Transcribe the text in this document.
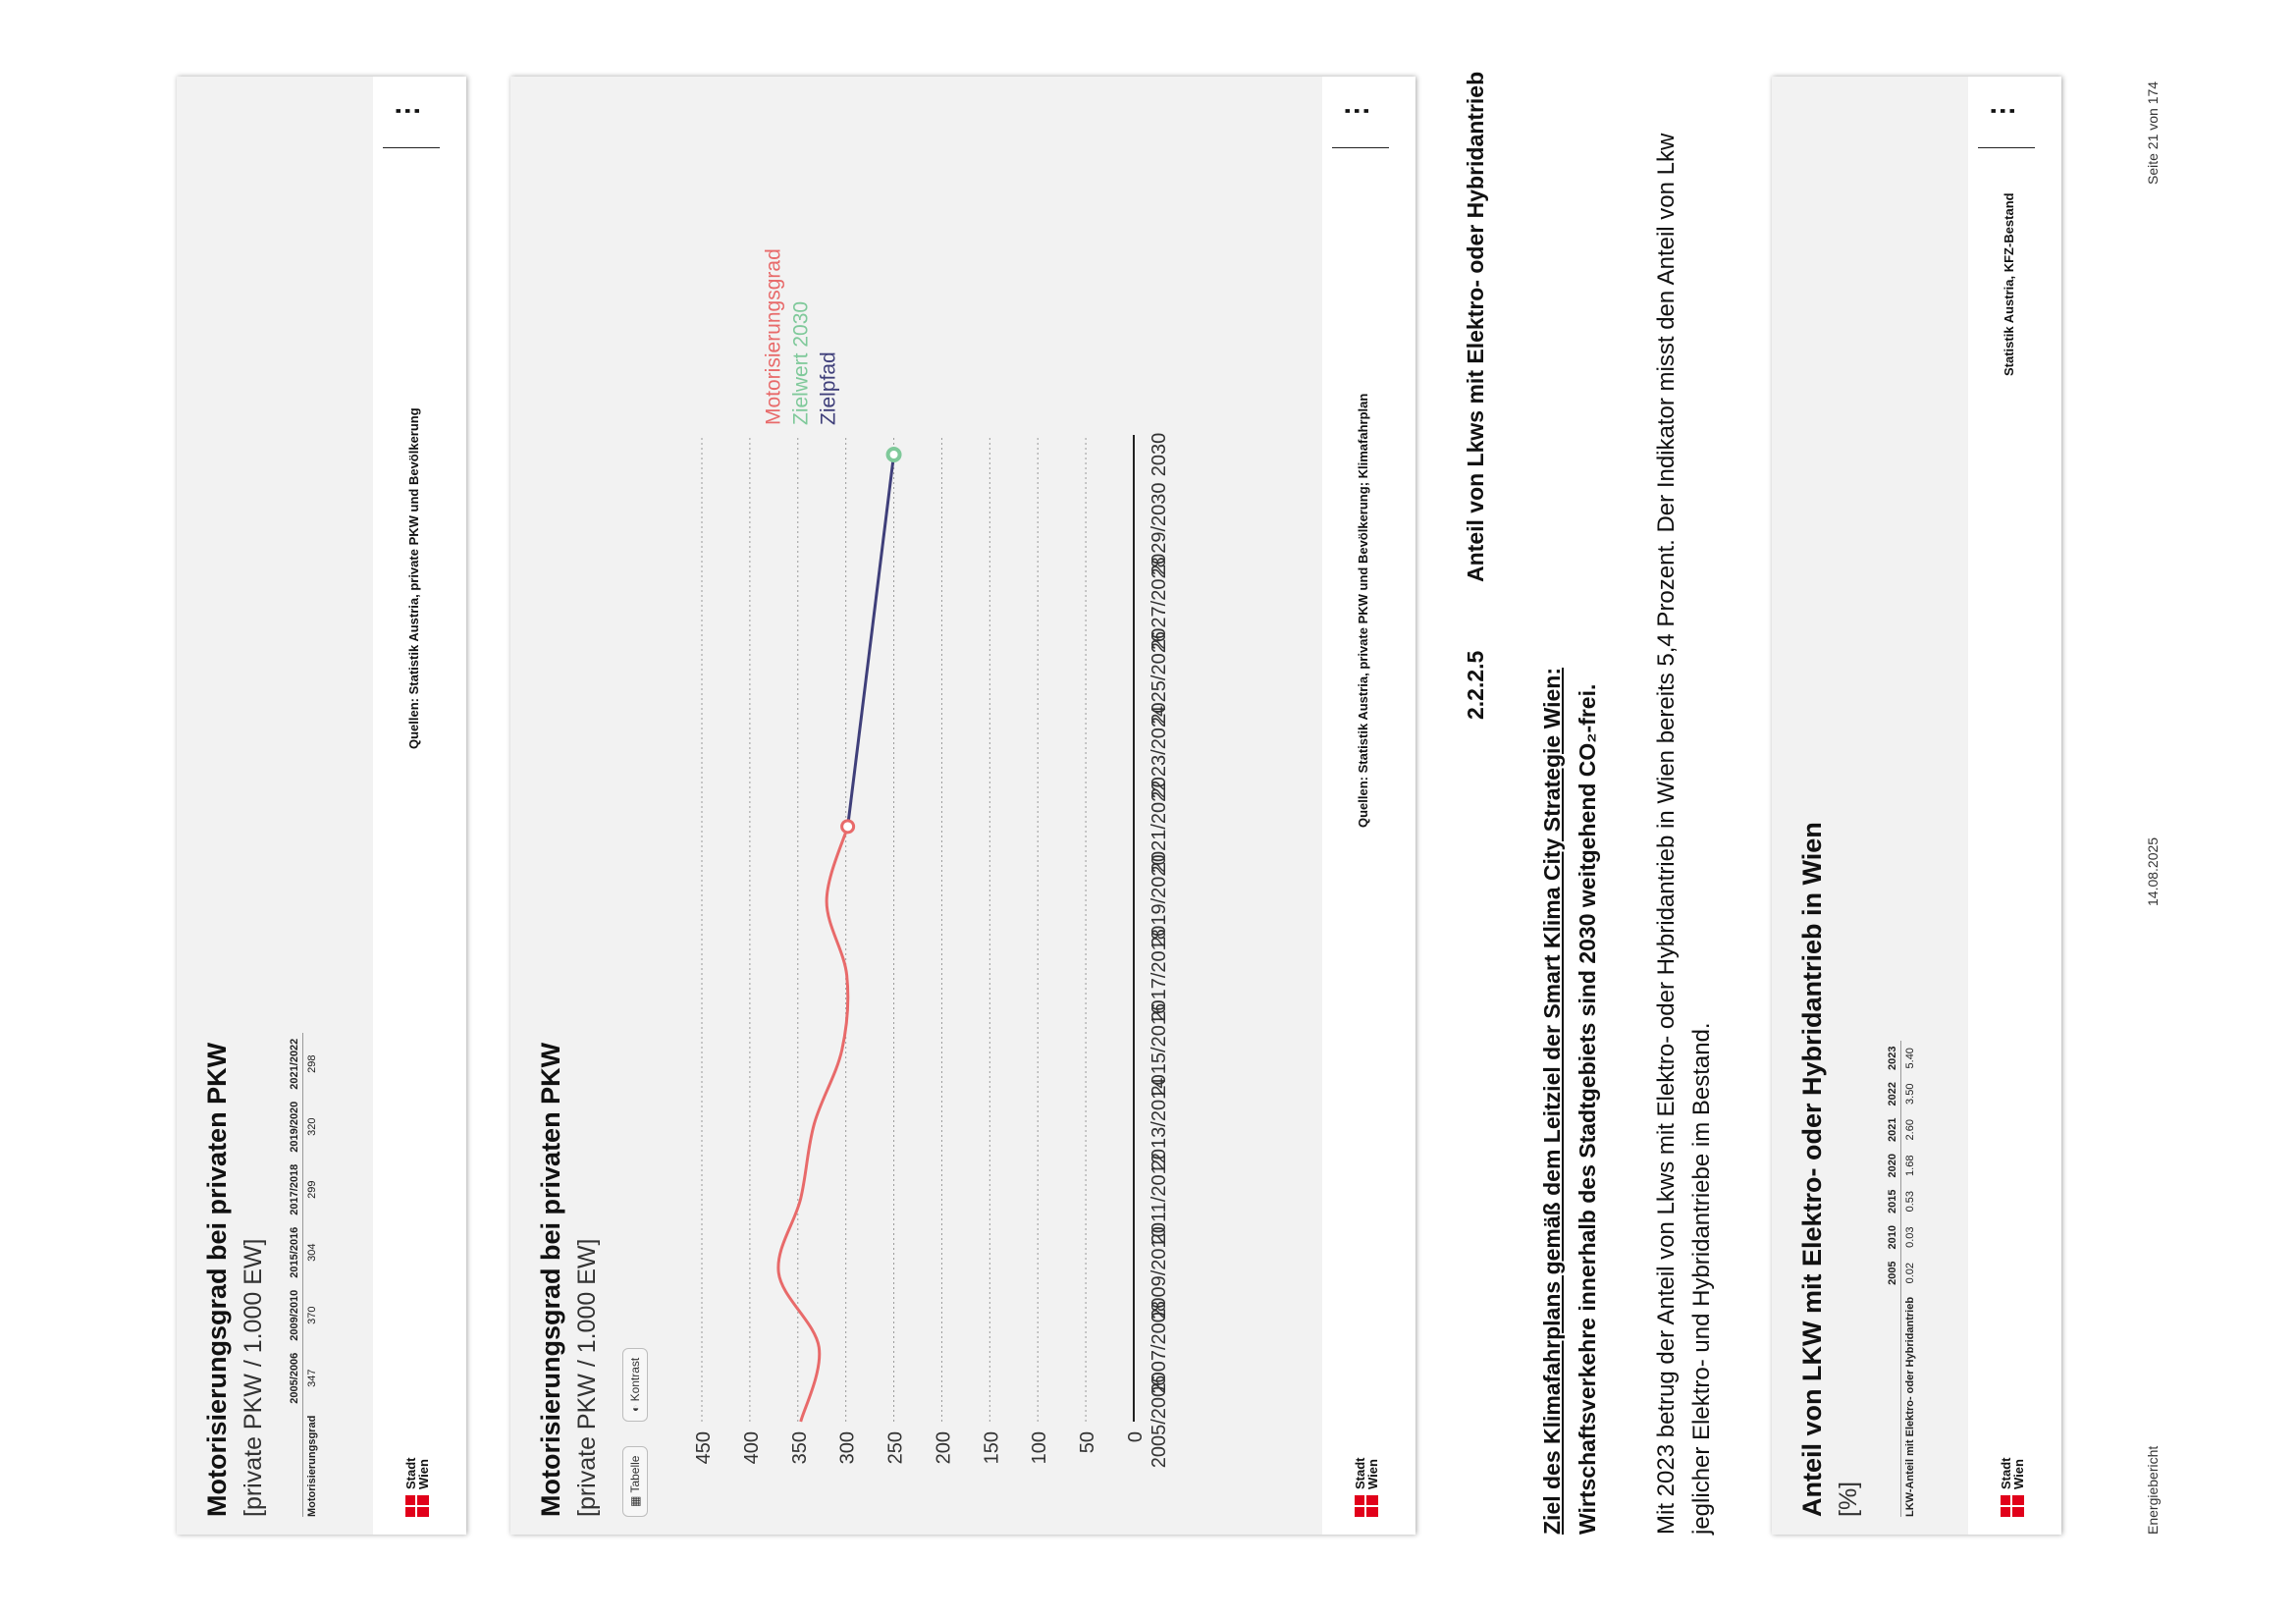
Motorisierungsgrad bei privaten PKW [private PKW / 1.000 EW]
	2005/2006	2009/2010	2015/2016	2017/2018	2019/2020	2021/2022
Motorisierungsgrad	347	370	304	299	320	298
Stadt
Wien
Quellen: Statistik Austria, private PKW und Bevölkerung
⋮
Motorisierungsgrad bei privaten PKW [private PKW / 1.000 EW]	▦ Tabelle
◐ Kontrast
0
50
100
150
200
250
300
350
400
450	2005/2006
2007/2008
2009/2010
2011/2012
2013/2014
2015/2016
2017/2018
2019/2020
2021/2022
2023/2024
2025/2026
2027/2028
2029/2030
2030
Motorisierungsgrad Zielwert 2030 Zielpfad
Stadt
Wien
Quellen: Statistik Austria, private PKW und Bevölkerung; Klimafahrplan
⋮
2.2.2.5
Anteil von Lkws mit Elektro- oder Hybridantrieb
Ziel des Klimafahrplans gemäß dem Leitziel der Smart Klima City Strategie Wien: Wirtschaftsverkehre innerhalb des Stadtgebiets sind 2030 weitgehend CO₂-frei. Mit 2023 betrug der Anteil von Lkws mit Elektro- oder Hybridantrieb in Wien bereits 5,4 Prozent. Der Indikator misst den Anteil von Lkw jeglicher Elektro- und Hybridantriebe im Bestand.	Anteil von LKW mit Elektro- oder Hybridantrieb in Wien [%]
	2005	2010	2015	2020	2021	2022	2023
LKW-Anteil mit Elektro- oder Hybridantrieb	0.02	0.03	0.53	1.68	2.60	3.50	5.40
Stadt
Wien
Statistik Austria, KFZ-Bestand
⋮
Energiebericht
14.08.2025
Seite 21 von 174
